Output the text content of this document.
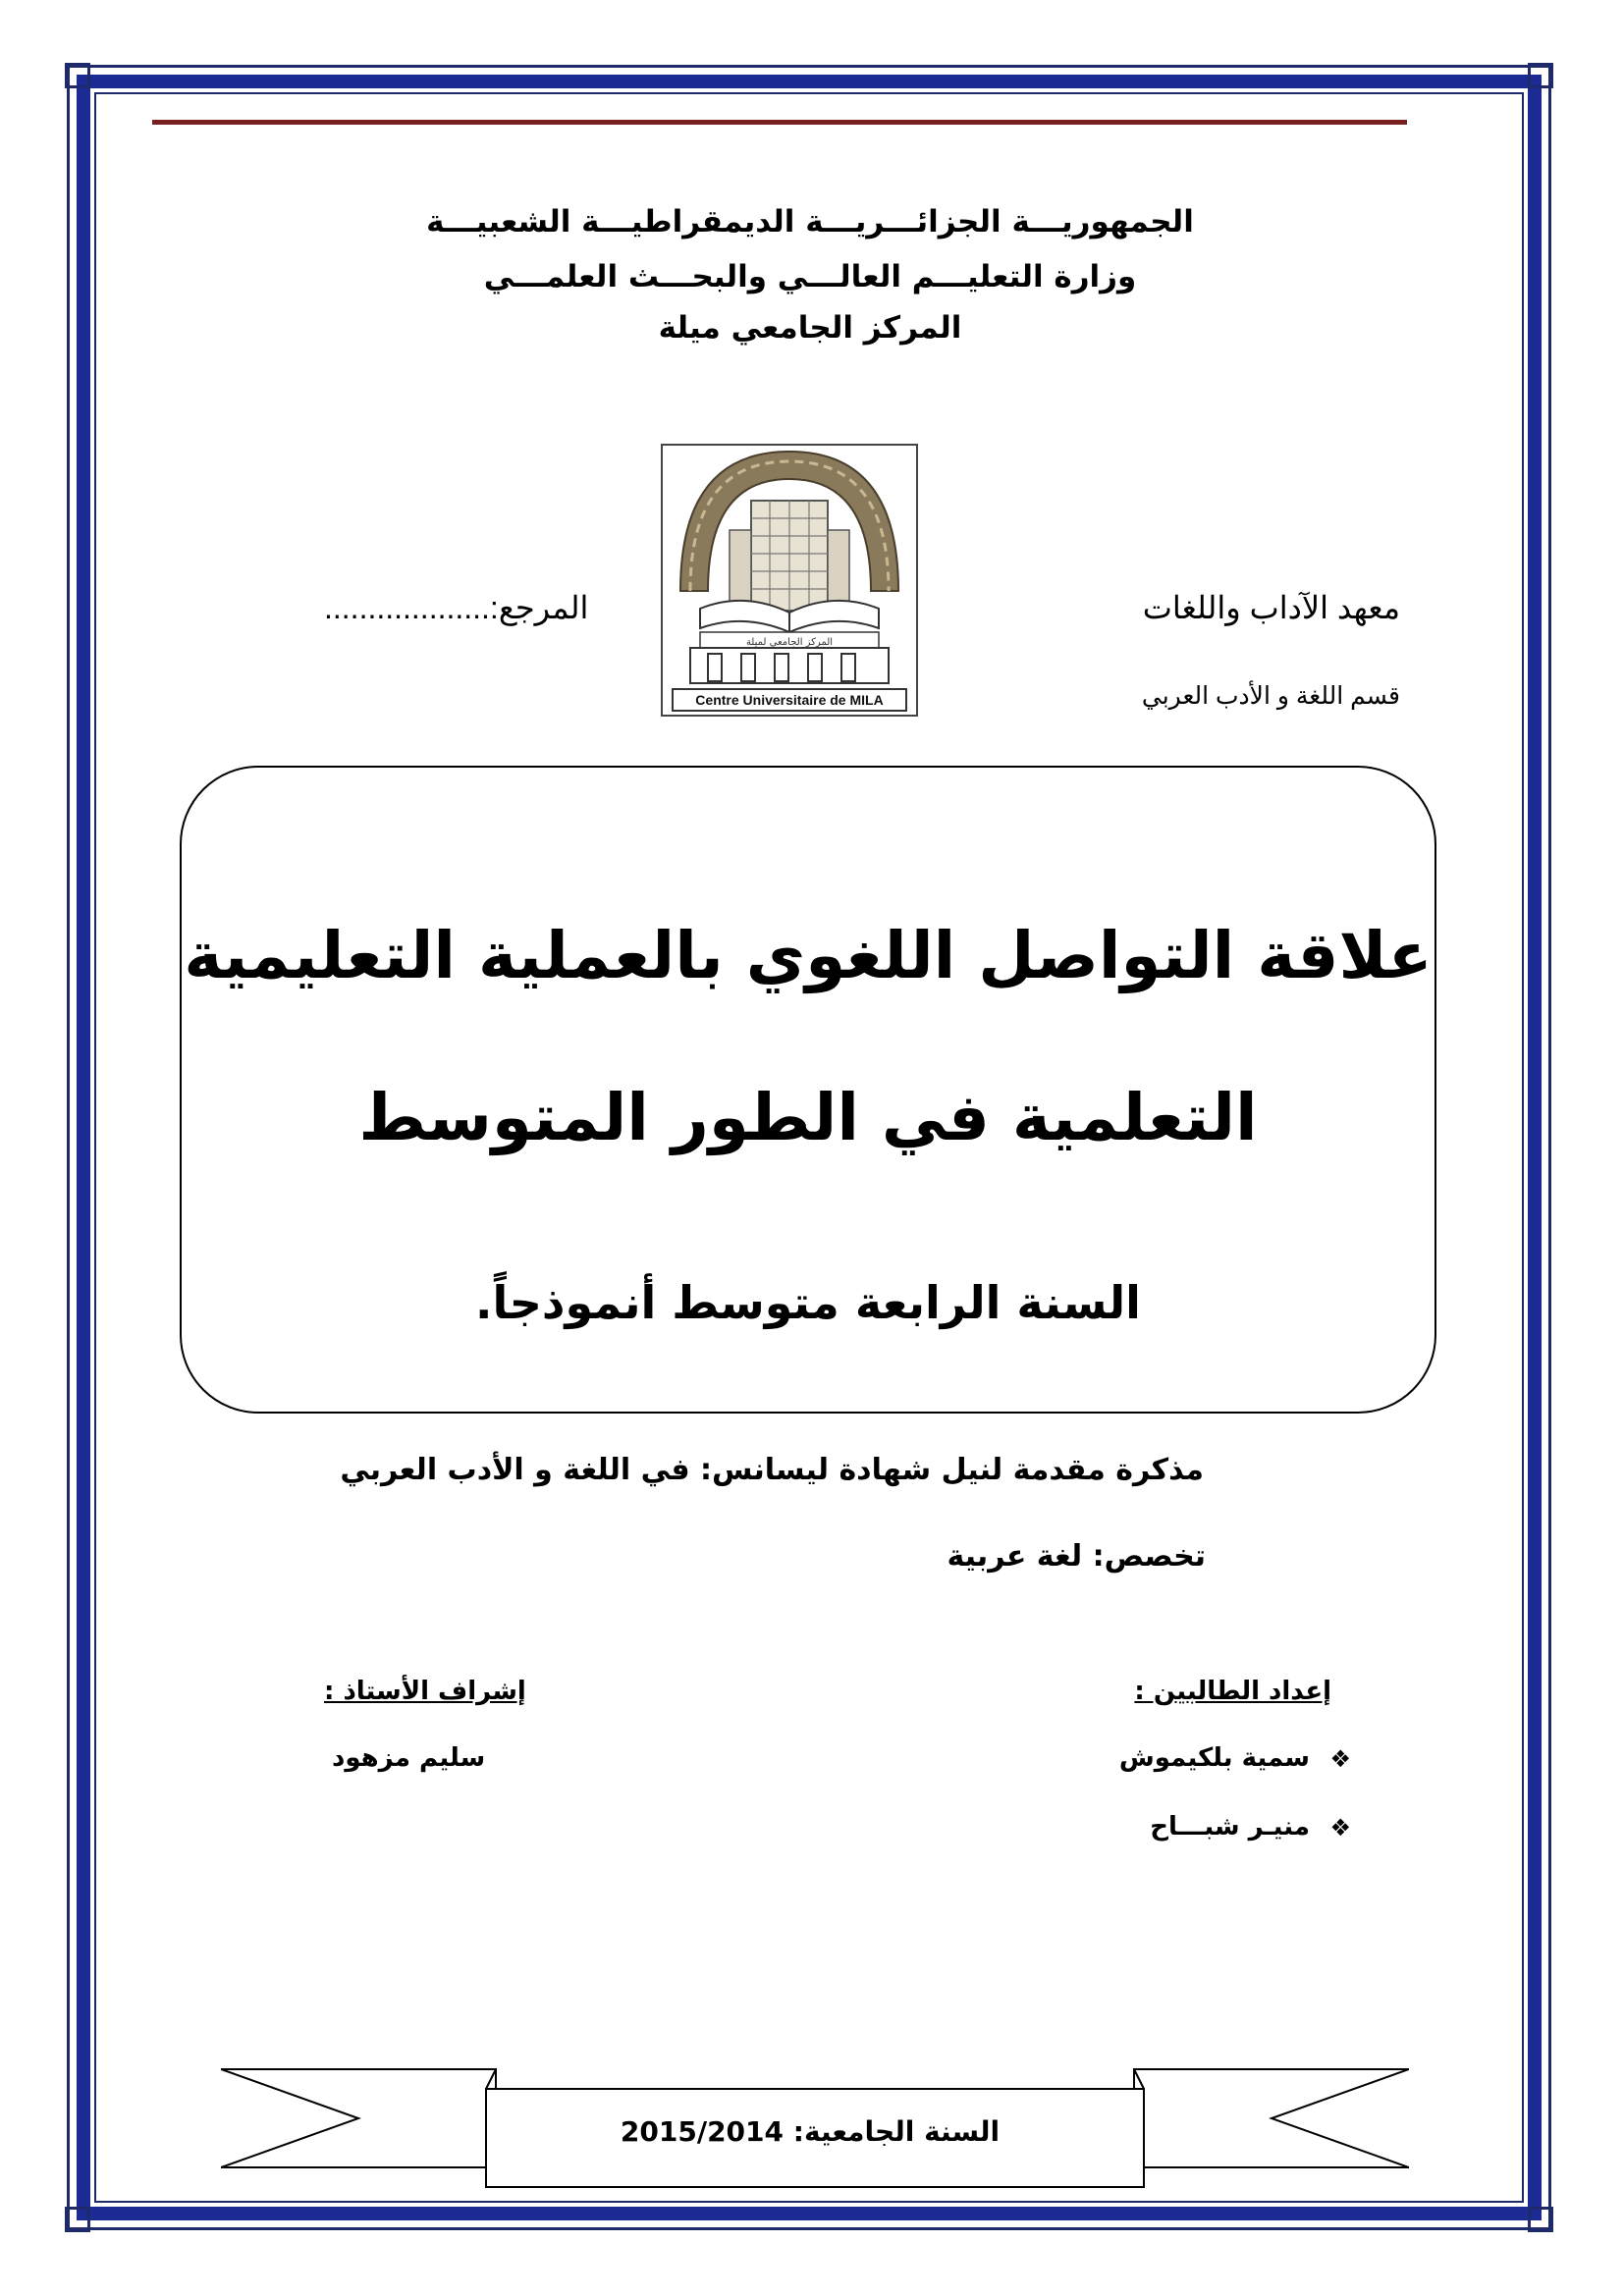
الجمهوريـــة الجزائـــريـــة الديمقراطيـــة الشعبيـــة
وزارة التعليـــم العالـــي والبحـــث العلمـــي
المركز الجامعي ميلة
المركز الجامعي لميلة
Centre Universitaire de MILA
معهد الآداب واللغات
قسم اللغة و الأدب العربي
المرجع:...................
علاقة التواصل اللغوي بالعملية التعليمية
التعلمية في الطور المتوسط
السنة الرابعة متوسط أنموذجاً.
مذكرة مقدمة لنيل شهادة ليسانس: في اللغة و الأدب العربي
تخصص: لغة عربية
إعداد الطالبين :
❖
سمية بلكيموش
❖
منيـر شبـــاح
إشراف الأستاذ :
سليم مزهود
السنة الجامعية: 2015/2014
